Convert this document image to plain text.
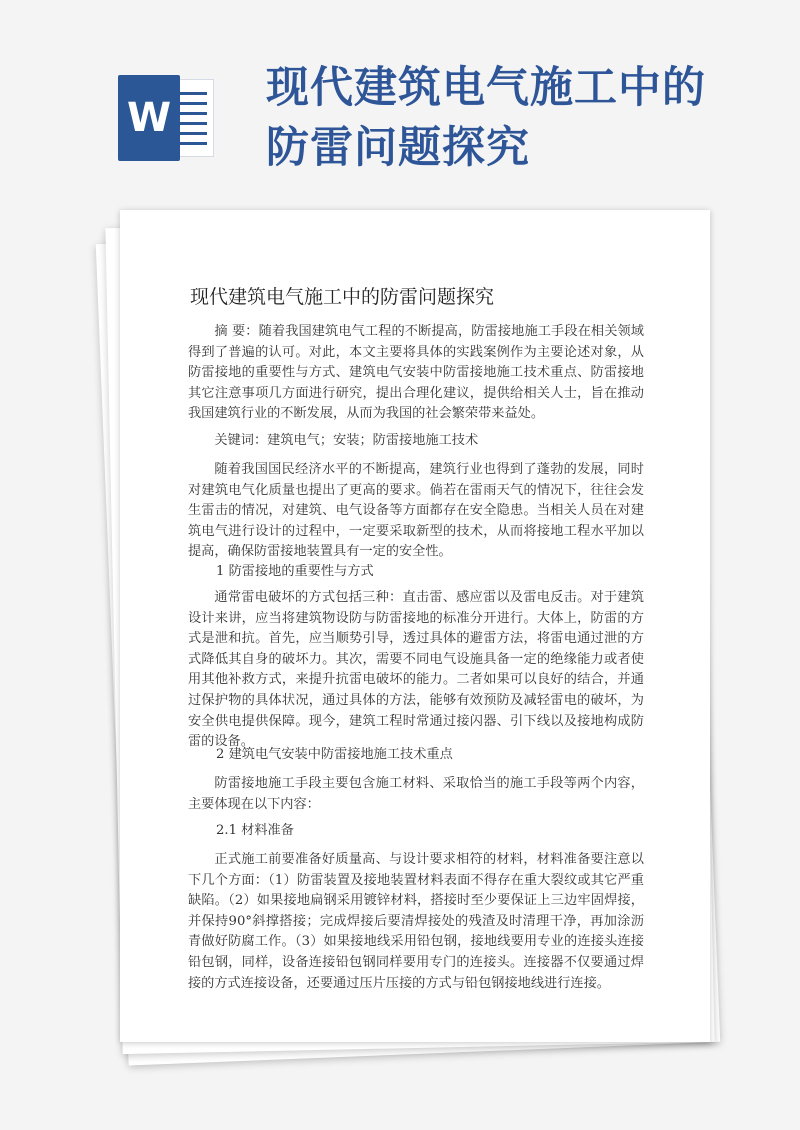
W
现代建筑电气施工中的
防雷问题探究
现代建筑电气施工中的防雷问题探究
摘 要：随着我国建筑电气工程的不断提高，防雷接地施工手段在相关领域得到了普遍的认可。对此，本文主要将具体的实践案例作为主要论述对象，从防雷接地的重要性与方式、建筑电气安装中防雷接地施工技术重点、防雷接地其它注意事项几方面进行研究，提出合理化建议，提供给相关人士，旨在推动我国建筑行业的不断发展，从而为我国的社会繁荣带来益处。
关键词：建筑电气；安装；防雷接地施工技术
随着我国国民经济水平的不断提高，建筑行业也得到了蓬勃的发展，同时对建筑电气化质量也提出了更高的要求。倘若在雷雨天气的情况下，往往会发生雷击的情况，对建筑、电气设备等方面都存在安全隐患。当相关人员在对建筑电气进行设计的过程中，一定要采取新型的技术，从而将接地工程水平加以提高，确保防雷接地装置具有一定的安全性。
1 防雷接地的重要性与方式
通常雷电破坏的方式包括三种：直击雷、感应雷以及雷电反击。对于建筑设计来讲，应当将建筑物设防与防雷接地的标准分开进行。大体上，防雷的方式是泄和抗。首先，应当顺势引导，透过具体的避雷方法，将雷电通过泄的方式降低其自身的破坏力。其次，需要不同电气设施具备一定的绝缘能力或者使用其他补救方式，来提升抗雷电破坏的能力。二者如果可以良好的结合，并通过保护物的具体状况，通过具体的方法，能够有效预防及减轻雷电的破坏，为安全供电提供保障。现今，建筑工程时常通过接闪器、引下线以及接地构成防雷的设备。
2 建筑电气安装中防雷接地施工技术重点
防雷接地施工手段主要包含施工材料、采取恰当的施工手段等两个内容，主要体现在以下内容：
2.1 材料准备
正式施工前要准备好质量高、与设计要求相符的材料，材料准备要注意以下几个方面：（1）防雷装置及接地装置材料表面不得存在重大裂纹或其它严重缺陷。（2）如果接地扁钢采用镀锌材料，搭接时至少要保证上三边牢固焊接，并保持90°斜撑搭接；完成焊接后要清焊接处的残渣及时清理干净，再加涂沥青做好防腐工作。（3）如果接地线采用铅包钢，接地线要用专业的连接头连接铅包钢，同样，设备连接铅包钢同样要用专门的连接头。连接器不仅要通过焊接的方式连接设备，还要通过压片压接的方式与铅包钢接地线进行连接。
